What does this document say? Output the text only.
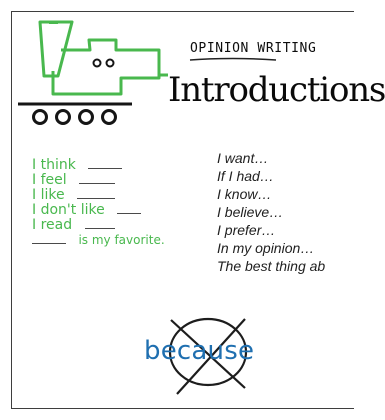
OPINION WRITING
Introductions
I think
I feel
I like
I don't like
I read
is my favorite.
I want…
If I had…
I know…
I believe…
I prefer…
In my opinion…
The best thing ab
because
